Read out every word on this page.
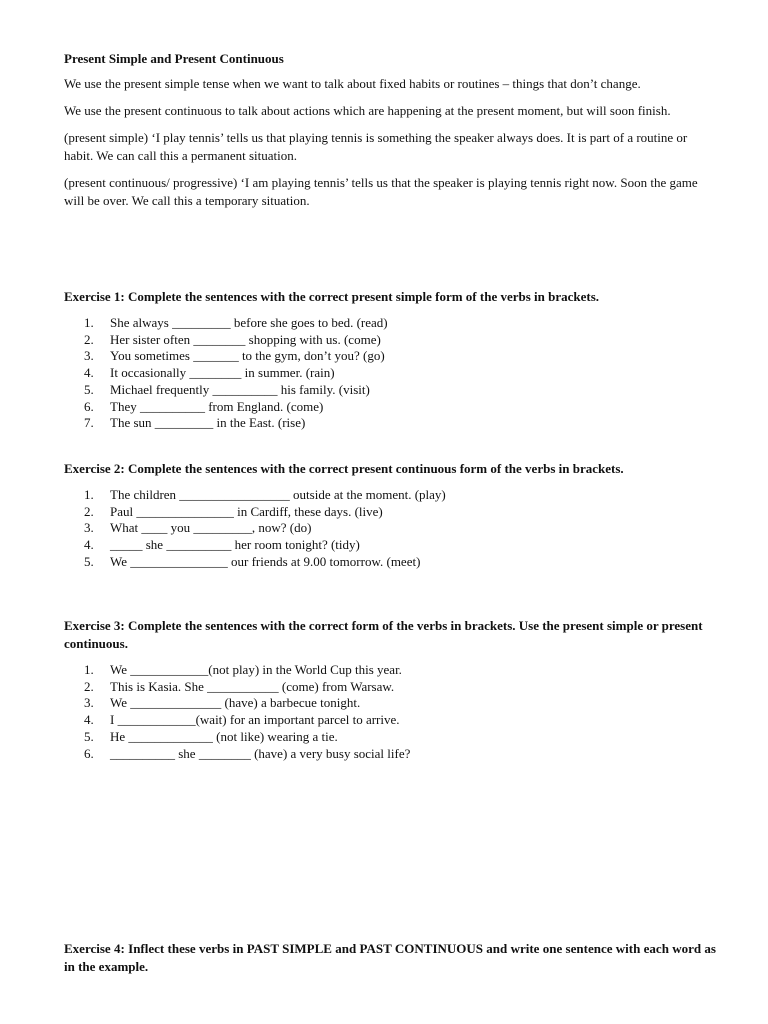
Present Simple and Present Continuous

We use the present simple tense when we want to talk about fixed habits or routines – things that don’t change.

We use the present continuous to talk about actions which are happening at the present moment, but will soon finish.

(present simple) ‘I play tennis’ tells us that playing tennis is something the speaker always does. It is part of a routine or habit. We can call this a permanent situation.

(present continuous/ progressive) ‘I am playing tennis’ tells us that the speaker is playing tennis right now. Soon the game will be over. We call this a temporary situation.

Exercise 1: Complete the sentences with the correct present simple form of the verbs in brackets.

1.	She always _________ before she goes to bed. (read)
2.	Her sister often ________ shopping with us. (come)
3.	You sometimes _______ to the gym, don’t you? (go)
4.	It occasionally ________ in summer. (rain)
5.	Michael frequently __________ his family. (visit)
6.	They __________ from England. (come)
7.	The sun _________ in the East. (rise)

Exercise 2: Complete the sentences with the correct present continuous form of the verbs in brackets.

1.	The children _________________ outside at the moment. (play)
2.	Paul _______________ in Cardiff, these days. (live)
3.	What ____ you _________, now? (do)
4.	_____ she __________ her room tonight? (tidy)
5.	We _______________ our friends at 9.00 tomorrow. (meet)

Exercise 3: Complete the sentences with the correct form of the verbs in brackets. Use the present simple or present continuous.

1.	We ____________(not play) in the World Cup this year.
2.	This is Kasia. She ___________ (come) from Warsaw.
3.	We ______________ (have) a barbecue tonight.
4.	I ____________(wait) for an important parcel to arrive.
5.	He _____________ (not like) wearing a tie.
6.	__________ she ________ (have) a very busy social life?

Exercise 4: Inflect these verbs in PAST SIMPLE and PAST CONTINUOUS and write one sentence with each word as in the example.
